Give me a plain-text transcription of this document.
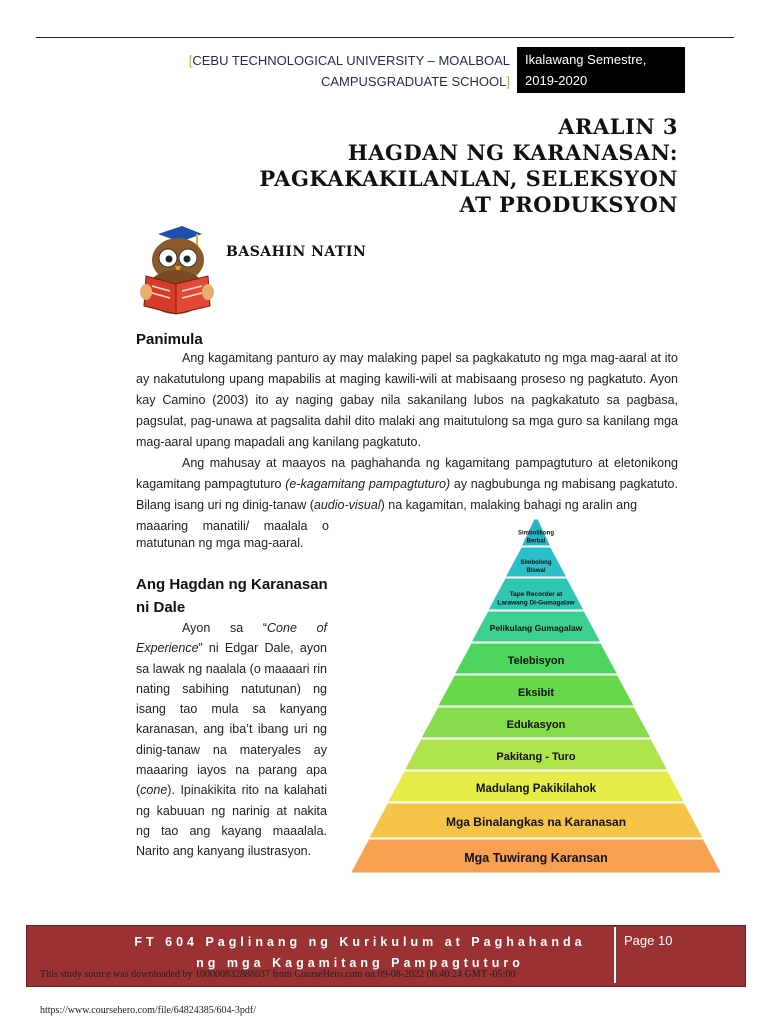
[CEBU TECHNOLOGICAL UNIVERSITY – MOALBOAL
CAMPUSGRADUATE SCHOOL]
Ikalawang Semestre,
2019-2020
ARALIN 3
HAGDAN NG KARANASAN:
PAGKAKAKILANLAN, SELEKSYON
AT PRODUKSYON
BASAHIN NATIN
Panimula
Ang kagamitang panturo ay may malaking papel sa pagkakatuto ng mga mag-aaral at ito ay nakatutulong upang mapabilis at maging kawili-wili at mabisaang proseso ng pagkatuto. Ayon kay Camino (2003) ito ay naging gabay nila sakanilang lubos na pagkakatuto sa pagbasa, pagsulat, pag-unawa at pagsalita dahil dito malaki ang maitutulong sa mga guro sa kanilang mga mag-aaral upang mapadali ang kanilang pagkatuto.
Ang mahusay at maayos na paghahanda ng kagamitang pampagtuturo at eletonikong kagamitang pampagtuturo (e-kagamitang pampagtuturo) ay nagbubunga ng mabisang pagkatuto. Bilang isang uri ng dinig-tanaw (audio-visual) na kagamitan, malaking bahagi ng aralin ang
maaaring manatili/ maalala o
matutunan ng mga mag-aaral.
Ang Hagdan ng Karanasan
ni Dale
Ayon sa “Cone of Experience” ni Edgar Dale, ayon sa lawak ng naalala (o maaaari rin nating sabihing natutunan) ng isang tao mula sa kanyang karanasan, ang iba’t ibang uri ng dinig-tanaw na materyales ay maaaring iayos na parang apa (cone). Ipinakikita rito na kalahati ng kabuuan ng narinig at nakita ng tao ang kayang maaalala. Narito ang kanyang ilustrasyon.
Simbolikong
Berbal
Simbolong
Biswal
Tape Recorder at
Larawang Di-Gumagalaw
Pelikulang Gumagalaw
Telebisyon
Eksibit
Edukasyon
Pakitang - Turo
Madulang Pakikilahok
Mga Binalangkas na Karanasan
Mga Tuwirang Karansan
FT 604 Paglinang ng Kurikulum at Paghahanda
ng mga Kagamitang Pampagtuturo
Page 10
This study source was downloaded by 100000832888037 from CourseHero.com on 09-08-2022 06:40:24 GMT -05:00
https://www.coursehero.com/file/64824385/604-3pdf/
